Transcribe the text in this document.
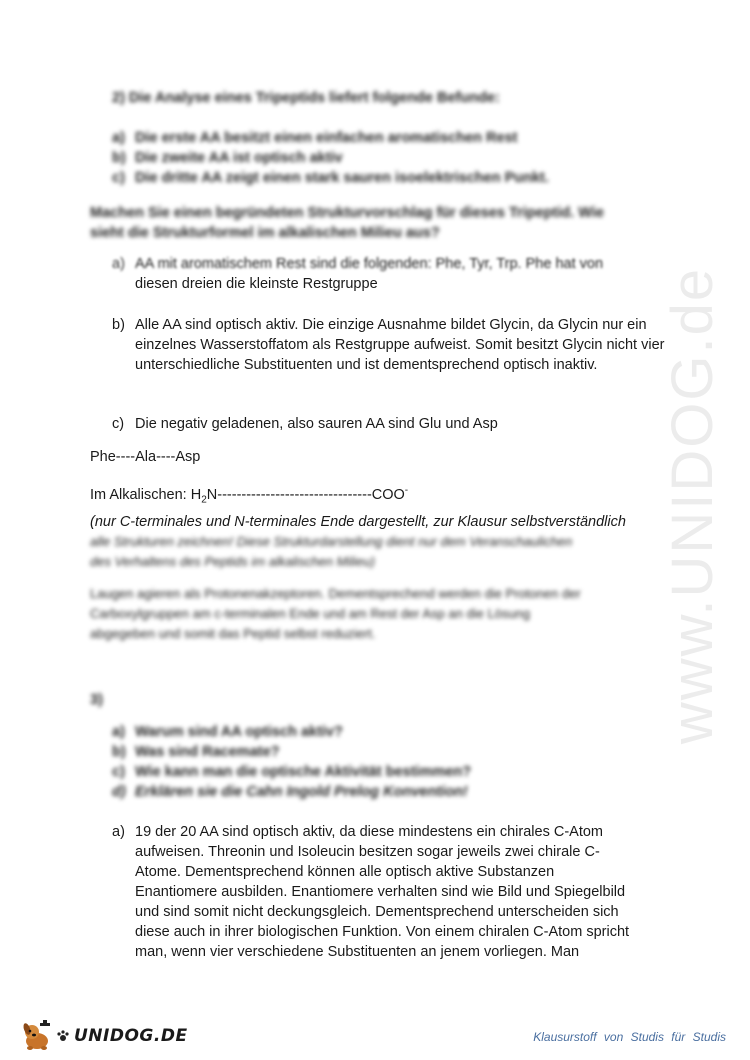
www.UNIDOG.de
2) Die Analyse eines Tripeptids liefert folgende Befunde:
a) Die erste AA besitzt einen einfachen aromatischen Rest
b) Die zweite AA ist optisch aktiv
c) Die dritte AA zeigt einen stark sauren isoelektrischen Punkt.
Machen Sie einen begründeten Strukturvorschlag für dieses Tripeptid. Wie
sieht die Strukturformel im alkalischen Milieu aus?
a) AA mit aromatischem Rest sind die folgenden: Phe, Tyr, Trp. Phe hat von
diesen dreien die kleinste Restgruppe
b) Alle AA sind optisch aktiv. Die einzige Ausnahme bildet Glycin, da Glycin nur ein einzelnes Wasserstoffatom als Restgruppe aufweist. Somit besitzt Glycin nicht vier unterschiedliche Substituenten und ist dementsprechend optisch inaktiv.
c) Die negativ geladenen, also sauren AA sind Glu und Asp
Phe----Ala----Asp
Im Alkalischen: $H_2N--------------------------------COO^-$
(nur C-terminales und N-terminales Ende dargestellt, zur Klausur selbstverständlich
alle Strukturen zeichnen! Diese Strukturdarstellung dient nur dem Veranschaulichen
des Verhaltens des Peptids im alkalischen Milieu)
Laugen agieren als Protonenakzeptoren. Dementsprechend werden die Protonen der
Carboxylgruppen am c-terminalen Ende und am Rest der Asp an die Lösung
abgegeben und somit das Peptid selbst reduziert.
3)
a) Warum sind AA optisch aktiv?
b) Was sind Racemate?
c) Wie kann man die optische Aktivität bestimmen?
d) Erklären sie die Cahn Ingold Prelog Konvention!
a) 19 der 20 AA sind optisch aktiv, da diese mindestens ein chirales C-Atom aufweisen. Threonin und Isoleucin besitzen sogar jeweils zwei chirale C-Atome. Dementsprechend können alle optisch aktive Substanzen Enantiomere ausbilden. Enantiomere verhalten sind wie Bild und Spiegelbild und sind somit nicht deckungsgleich. Dementsprechend unterscheiden sich diese auch in ihrer biologischen Funktion. Von einem chiralen C-Atom spricht man, wenn vier verschiedene Substituenten an jenem vorliegen. Man
UNIDOG.DE	Klausurstoff von Studis für Studis
